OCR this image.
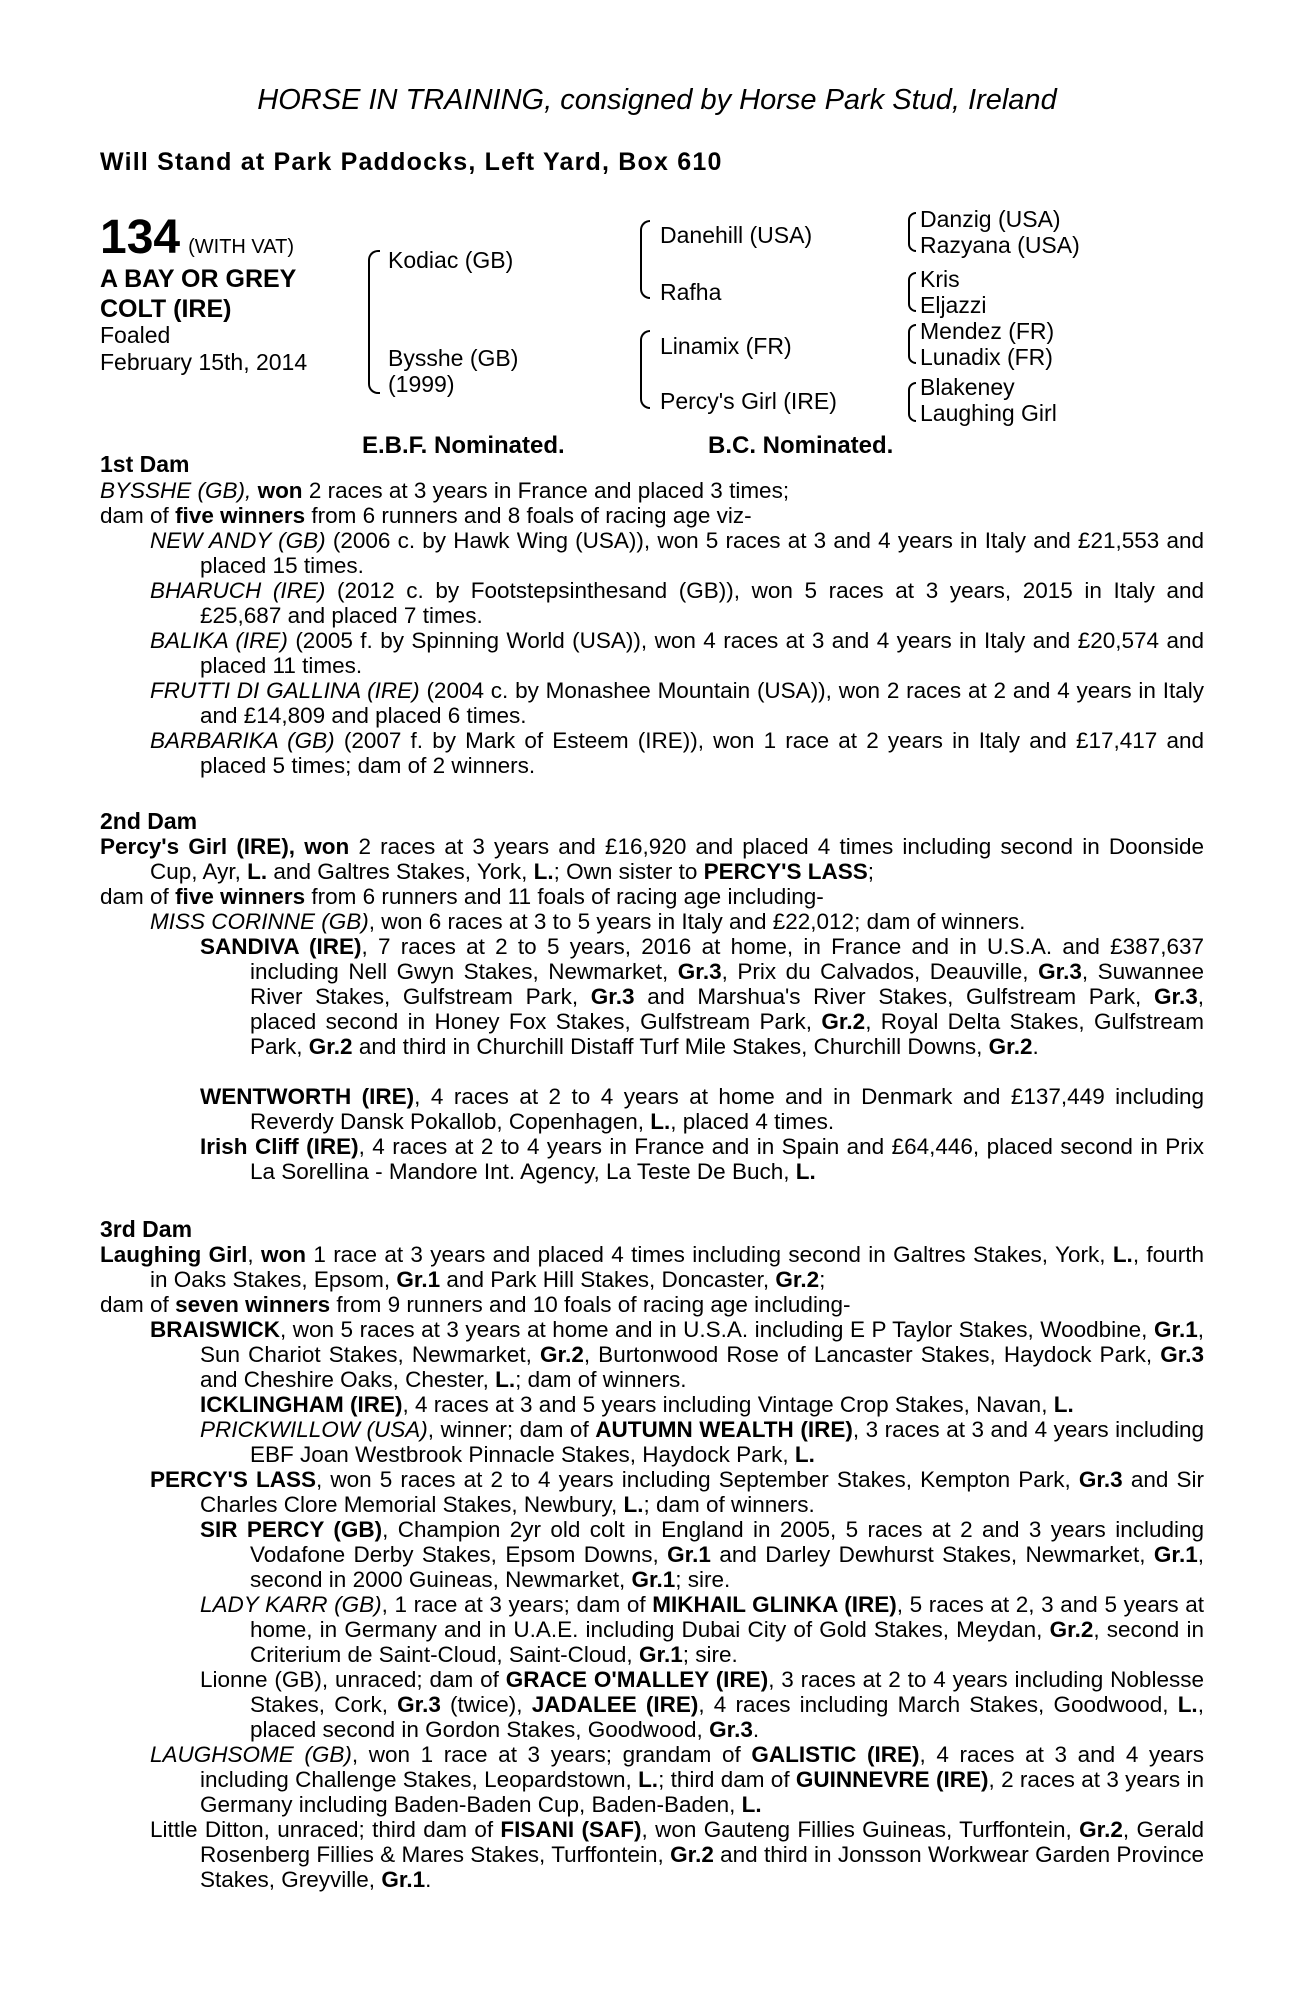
HORSE IN TRAINING, consigned by Horse Park Stud, Ireland
Will Stand at Park Paddocks, Left Yard, Box 610
134 (WITH VAT)
A BAY OR GREY
COLT (IRE)
Foaled
February 15th, 2014
Kodiac (GB)
Bysshe (GB)
(1999)
Danehill (USA)
Rafha
Linamix (FR)
Percy's Girl (IRE)
Danzig (USA)
Razyana (USA)
Kris
Eljazzi
Mendez (FR)
Lunadix (FR)
Blakeney
Laughing Girl
E.B.F. Nominated.	B.C. Nominated.
1st Dam
BYSSHE (GB), won 2 races at 3 years in France and placed 3 times;
dam of five winners from 6 runners and 8 foals of racing age viz-
NEW ANDY (GB) (2006 c. by Hawk Wing (USA)), won 5 races at 3 and 4 years in Italy and £21,553 and placed 15 times.
BHARUCH (IRE) (2012 c. by Footstepsinthesand (GB)), won 5 races at 3 years, 2015 in Italy and £25,687 and placed 7 times.
BALIKA (IRE) (2005 f. by Spinning World (USA)), won 4 races at 3 and 4 years in Italy and £20,574 and placed 11 times.
FRUTTI DI GALLINA (IRE) (2004 c. by Monashee Mountain (USA)), won 2 races at 2 and 4 years in Italy and £14,809 and placed 6 times.
BARBARIKA (GB) (2007 f. by Mark of Esteem (IRE)), won 1 race at 2 years in Italy and £17,417 and placed 5 times; dam of 2 winners.
2nd Dam
Percy's Girl (IRE), won 2 races at 3 years and £16,920 and placed 4 times including second in Doonside Cup, Ayr, L. and Galtres Stakes, York, L.; Own sister to PERCY'S LASS;
dam of five winners from 6 runners and 11 foals of racing age including-
MISS CORINNE (GB), won 6 races at 3 to 5 years in Italy and £22,012; dam of winners.
SANDIVA (IRE), 7 races at 2 to 5 years, 2016 at home, in France and in U.S.A. and £387,637 including Nell Gwyn Stakes, Newmarket, Gr.3, Prix du Calvados, Deauville, Gr.3, Suwannee River Stakes, Gulfstream Park, Gr.3 and Marshua's River Stakes, Gulfstream Park, Gr.3, placed second in Honey Fox Stakes, Gulfstream Park, Gr.2, Royal Delta Stakes, Gulfstream Park, Gr.2 and third in Churchill Distaff Turf Mile Stakes, Churchill Downs, Gr.2.
WENTWORTH (IRE), 4 races at 2 to 4 years at home and in Denmark and £137,449 including Reverdy Dansk Pokallob, Copenhagen, L., placed 4 times.
Irish Cliff (IRE), 4 races at 2 to 4 years in France and in Spain and £64,446, placed second in Prix La Sorellina - Mandore Int. Agency, La Teste De Buch, L.
3rd Dam
Laughing Girl, won 1 race at 3 years and placed 4 times including second in Galtres Stakes, York, L., fourth in Oaks Stakes, Epsom, Gr.1 and Park Hill Stakes, Doncaster, Gr.2;
dam of seven winners from 9 runners and 10 foals of racing age including-
BRAISWICK, won 5 races at 3 years at home and in U.S.A. including E P Taylor Stakes, Woodbine, Gr.1, Sun Chariot Stakes, Newmarket, Gr.2, Burtonwood Rose of Lancaster Stakes, Haydock Park, Gr.3 and Cheshire Oaks, Chester, L.; dam of winners.
ICKLINGHAM (IRE), 4 races at 3 and 5 years including Vintage Crop Stakes, Navan, L.
PRICKWILLOW (USA), winner; dam of AUTUMN WEALTH (IRE), 3 races at 3 and 4 years including EBF Joan Westbrook Pinnacle Stakes, Haydock Park, L.
PERCY'S LASS, won 5 races at 2 to 4 years including September Stakes, Kempton Park, Gr.3 and Sir Charles Clore Memorial Stakes, Newbury, L.; dam of winners.
SIR PERCY (GB), Champion 2yr old colt in England in 2005, 5 races at 2 and 3 years including Vodafone Derby Stakes, Epsom Downs, Gr.1 and Darley Dewhurst Stakes, Newmarket, Gr.1, second in 2000 Guineas, Newmarket, Gr.1; sire.
LADY KARR (GB), 1 race at 3 years; dam of MIKHAIL GLINKA (IRE), 5 races at 2, 3 and 5 years at home, in Germany and in U.A.E. including Dubai City of Gold Stakes, Meydan, Gr.2, second in Criterium de Saint-Cloud, Saint-Cloud, Gr.1; sire.
Lionne (GB), unraced; dam of GRACE O'MALLEY (IRE), 3 races at 2 to 4 years including Noblesse Stakes, Cork, Gr.3 (twice), JADALEE (IRE), 4 races including March Stakes, Goodwood, L., placed second in Gordon Stakes, Goodwood, Gr.3.
LAUGHSOME (GB), won 1 race at 3 years; grandam of GALISTIC (IRE), 4 races at 3 and 4 years including Challenge Stakes, Leopardstown, L.; third dam of GUINNEVRE (IRE), 2 races at 3 years in Germany including Baden-Baden Cup, Baden-Baden, L.
Little Ditton, unraced; third dam of FISANI (SAF), won Gauteng Fillies Guineas, Turffontein, Gr.2, Gerald Rosenberg Fillies & Mares Stakes, Turffontein, Gr.2 and third in Jonsson Workwear Garden Province Stakes, Greyville, Gr.1.
